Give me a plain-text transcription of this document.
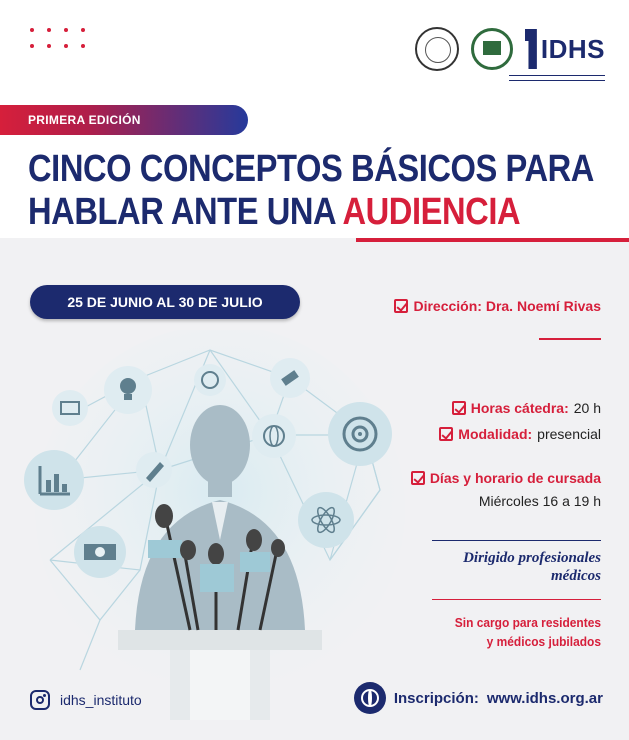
IDHS
PRIMERA EDICIÓN
CINCO CONCEPTOS BÁSICOS PARA
HABLAR ANTE UNA AUDIENCIA
25 DE JUNIO AL 30 DE JULIO	Dirección: Dra. Noemí Rivas
Horas cátedra: 20 h
Modalidad: presencial
Días y horario de cursada
Miércoles 16 a 19 h
Dirigido profesionales
médicos
Sin cargo para residentes
y médicos jubilados
idhs_instituto	Inscripción: www.idhs.org.ar
